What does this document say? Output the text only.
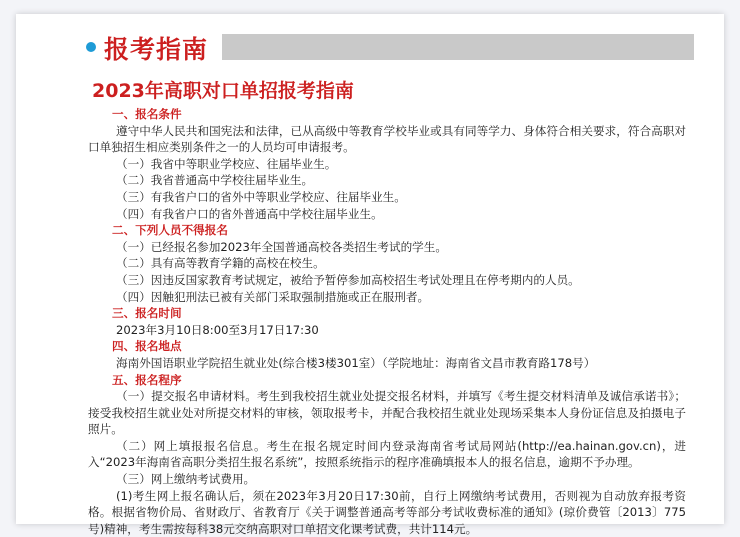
报考指南
2023年高职对口单招报考指南

一、报名条件

遵守中华人民共和国宪法和法律，已从高级中等教育学校毕业或具有同等学力、身体符合相关要求，符合高职对口单独招生相应类别条件之一的人员均可申请报考。

（一）我省中等职业学校应、往届毕业生。

（二）我省普通高中学校往届毕业生。

（三）有我省户口的省外中等职业学校应、往届毕业生。

（四）有我省户口的省外普通高中学校往届毕业生。

二、下列人员不得报名

（一）已经报名参加2023年全国普通高校各类招生考试的学生。

（二）具有高等教育学籍的高校在校生。

（三）因违反国家教育考试规定，被给予暂停参加高校招生考试处理且在停考期内的人员。

（四）因触犯刑法已被有关部门采取强制措施或正在服刑者。

三、报名时间

2023年3月10日8:00至3月17日17:30

四、报名地点

海南外国语职业学院招生就业处(综合楼3楼301室）（学院地址：海南省文昌市教育路178号）

五、报名程序

（一）提交报名申请材料。考生到我校招生就业处提交报名材料，并填写《考生提交材料清单及诚信承诺书》；接受我校招生就业处对所提交材料的审核，领取报考卡，并配合我校招生就业处现场采集本人身份证信息及拍摄电子照片。

（二）网上填报报名信息。考生在报名规定时间内登录海南省考试局网站(http://ea.hainan.gov.cn)，进入“2023年海南省高职分类招生报名系统”，按照系统指示的程序准确填报本人的报名信息，逾期不予办理。

（三）网上缴纳考试费用。

(1)考生网上报名确认后，须在2023年3月20日17:30前，自行上网缴纳考试费用，否则视为自动放弃报考资格。根据省物价局、省财政厅、省教育厅《关于调整普通高考等部分考试收费标准的通知》(琼价费管〔2013〕775号)精神，考生需按每科38元交纳高职对口单招文化课考试费，共计114元。
